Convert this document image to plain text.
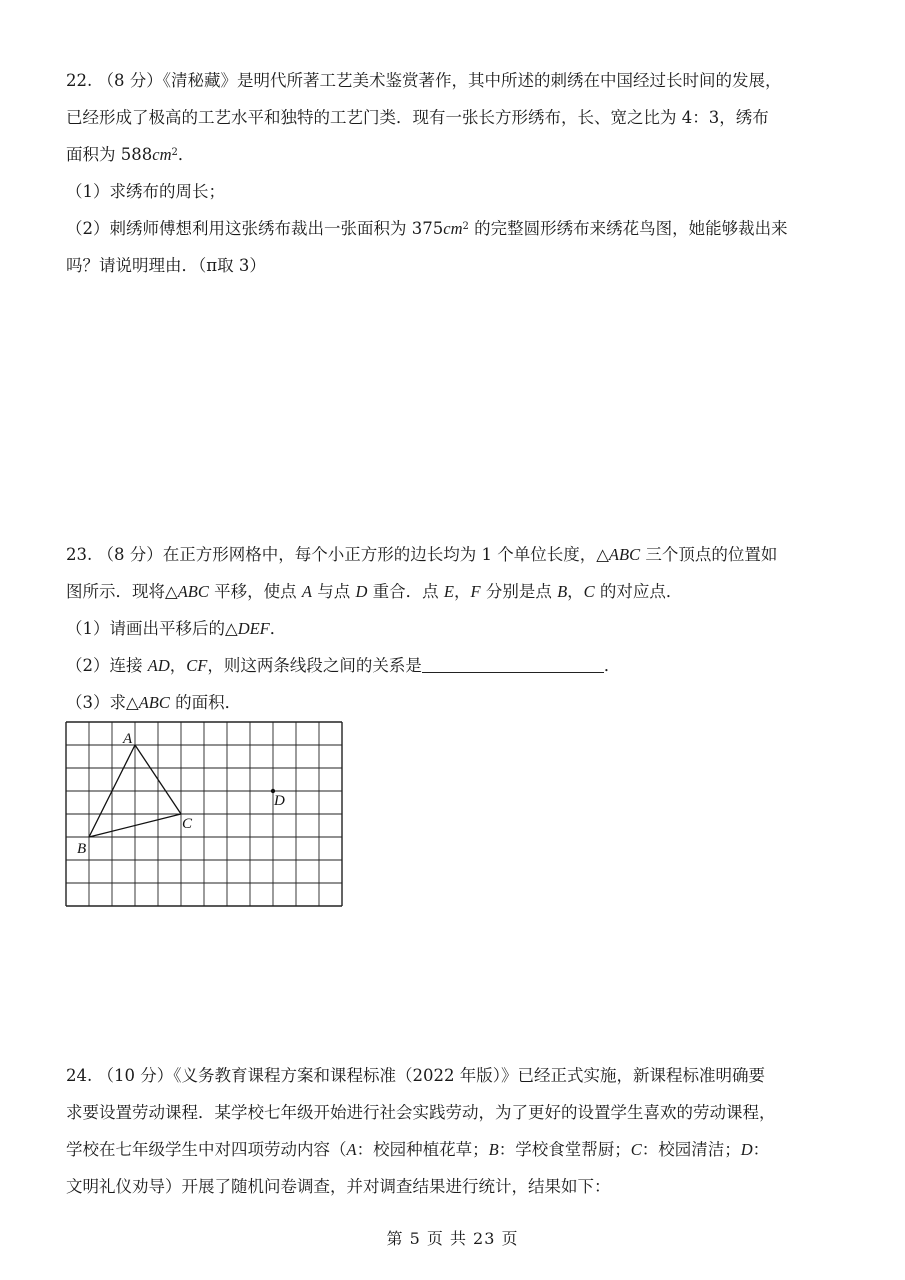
22. （8 分）《清秘藏》是明代所著工艺美术鉴赏著作，其中所述的刺绣在中国经过长时间的发展，
已经形成了极高的工艺水平和独特的工艺门类．现有一张长方形绣布，长、宽之比为 4：3，绣布
面积为 $588cm^2$．
（1）求绣布的周长；
（2）刺绣师傅想利用这张绣布裁出一张面积为 $375cm^2$ 的完整圆形绣布来绣花鸟图，她能够裁出来
吗？请说明理由．（π取 3）
23. （8 分）在正方形网格中，每个小正方形的边长均为 1 个单位长度，△ABC 三个顶点的位置如
图所示．现将△ABC 平移，使点 A 与点 D 重合．点 E，F 分别是点 B，C 的对应点．
（1）请画出平移后的△DEF．
（2）连接 AD，CF，则这两条线段之间的关系是	．
（3）求△ABC 的面积．
A
B
C
D
24. （10 分）《义务教育课程方案和课程标准（2022 年版）》已经正式实施，新课程标准明确要
求要设置劳动课程．某学校七年级开始进行社会实践劳动，为了更好的设置学生喜欢的劳动课程，
学校在七年级学生中对四项劳动内容（A：校园种植花草；B：学校食堂帮厨；C：校园清洁；D：
文明礼仪劝导）开展了随机问卷调查，并对调查结果进行统计，结果如下：
第 5 页 共 23 页
